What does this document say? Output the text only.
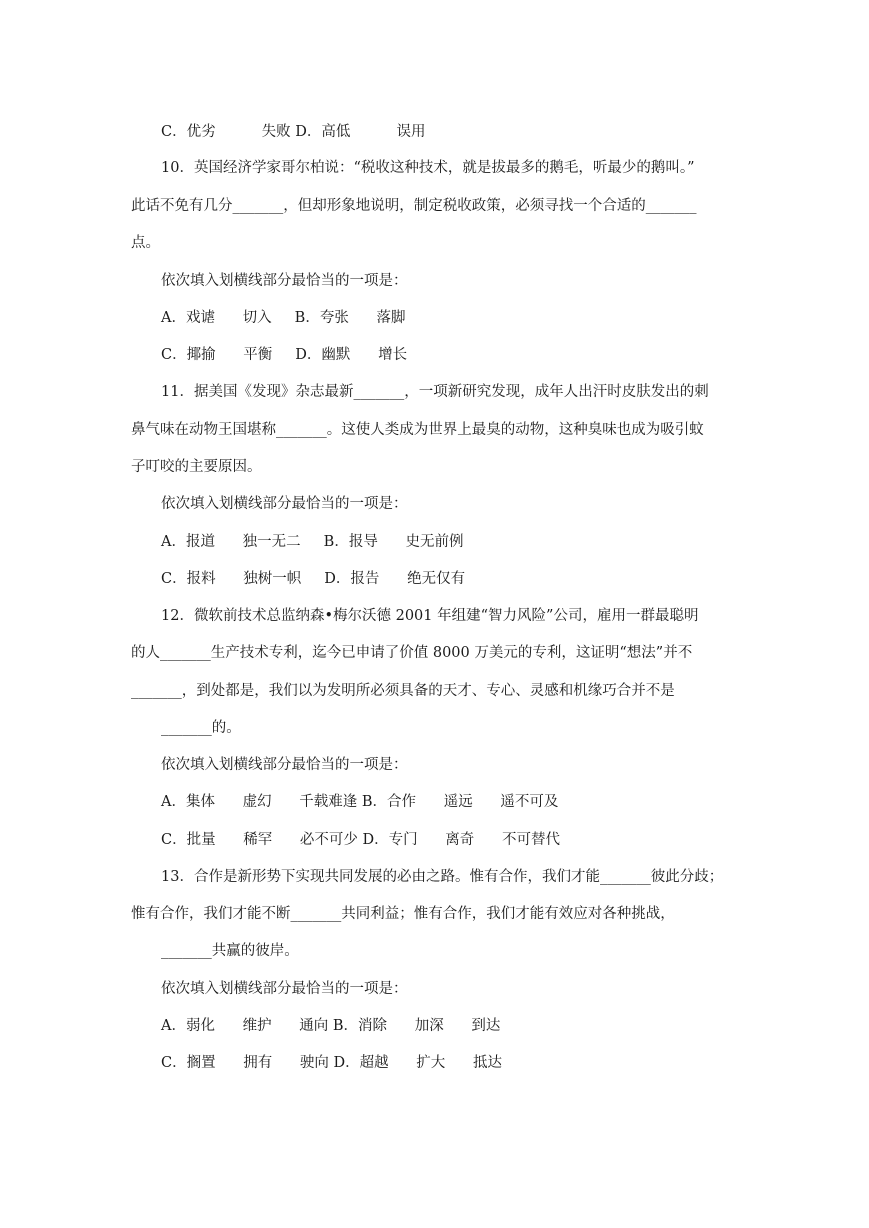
C．优劣          失败 D．高低          误用
10．英国经济学家哥尔柏说：“税收这种技术，就是拔最多的鹅毛，听最少的鹅叫。”
此话不免有几分_______，但却形象地说明，制定税收政策，必须寻找一个合适的_______
点。
依次填入划横线部分最恰当的一项是：
A．戏谑      切入     B．夸张      落脚
C．揶揄      平衡     D．幽默      增长
11．据美国《发现》杂志最新_______，一项新研究发现，成年人出汗时皮肤发出的刺
鼻气味在动物王国堪称_______。这使人类成为世界上最臭的动物，这种臭味也成为吸引蚊
子叮咬的主要原因。
依次填入划横线部分最恰当的一项是：
A．报道      独一无二     B．报导      史无前例
C．报料      独树一帜     D．报告      绝无仅有
12．微软前技术总监纳森•梅尔沃德 2001 年组建“智力风险”公司，雇用一群最聪明
的人_______生产技术专利，迄今已申请了价值 8000 万美元的专利，这证明“想法”并不
_______，到处都是，我们以为发明所必须具备的天才、专心、灵感和机缘巧合并不是
_______的。
依次填入划横线部分最恰当的一项是：
A．集体      虚幻      千载难逢 B．合作      遥远      遥不可及
C．批量      稀罕      必不可少 D．专门      离奇      不可替代
13．合作是新形势下实现共同发展的必由之路。惟有合作，我们才能_______彼此分歧；
惟有合作，我们才能不断_______共同利益；惟有合作，我们才能有效应对各种挑战，
_______共赢的彼岸。
依次填入划横线部分最恰当的一项是：
A．弱化      维护      通向 B．消除      加深      到达
C．搁置      拥有      驶向 D．超越      扩大      抵达
